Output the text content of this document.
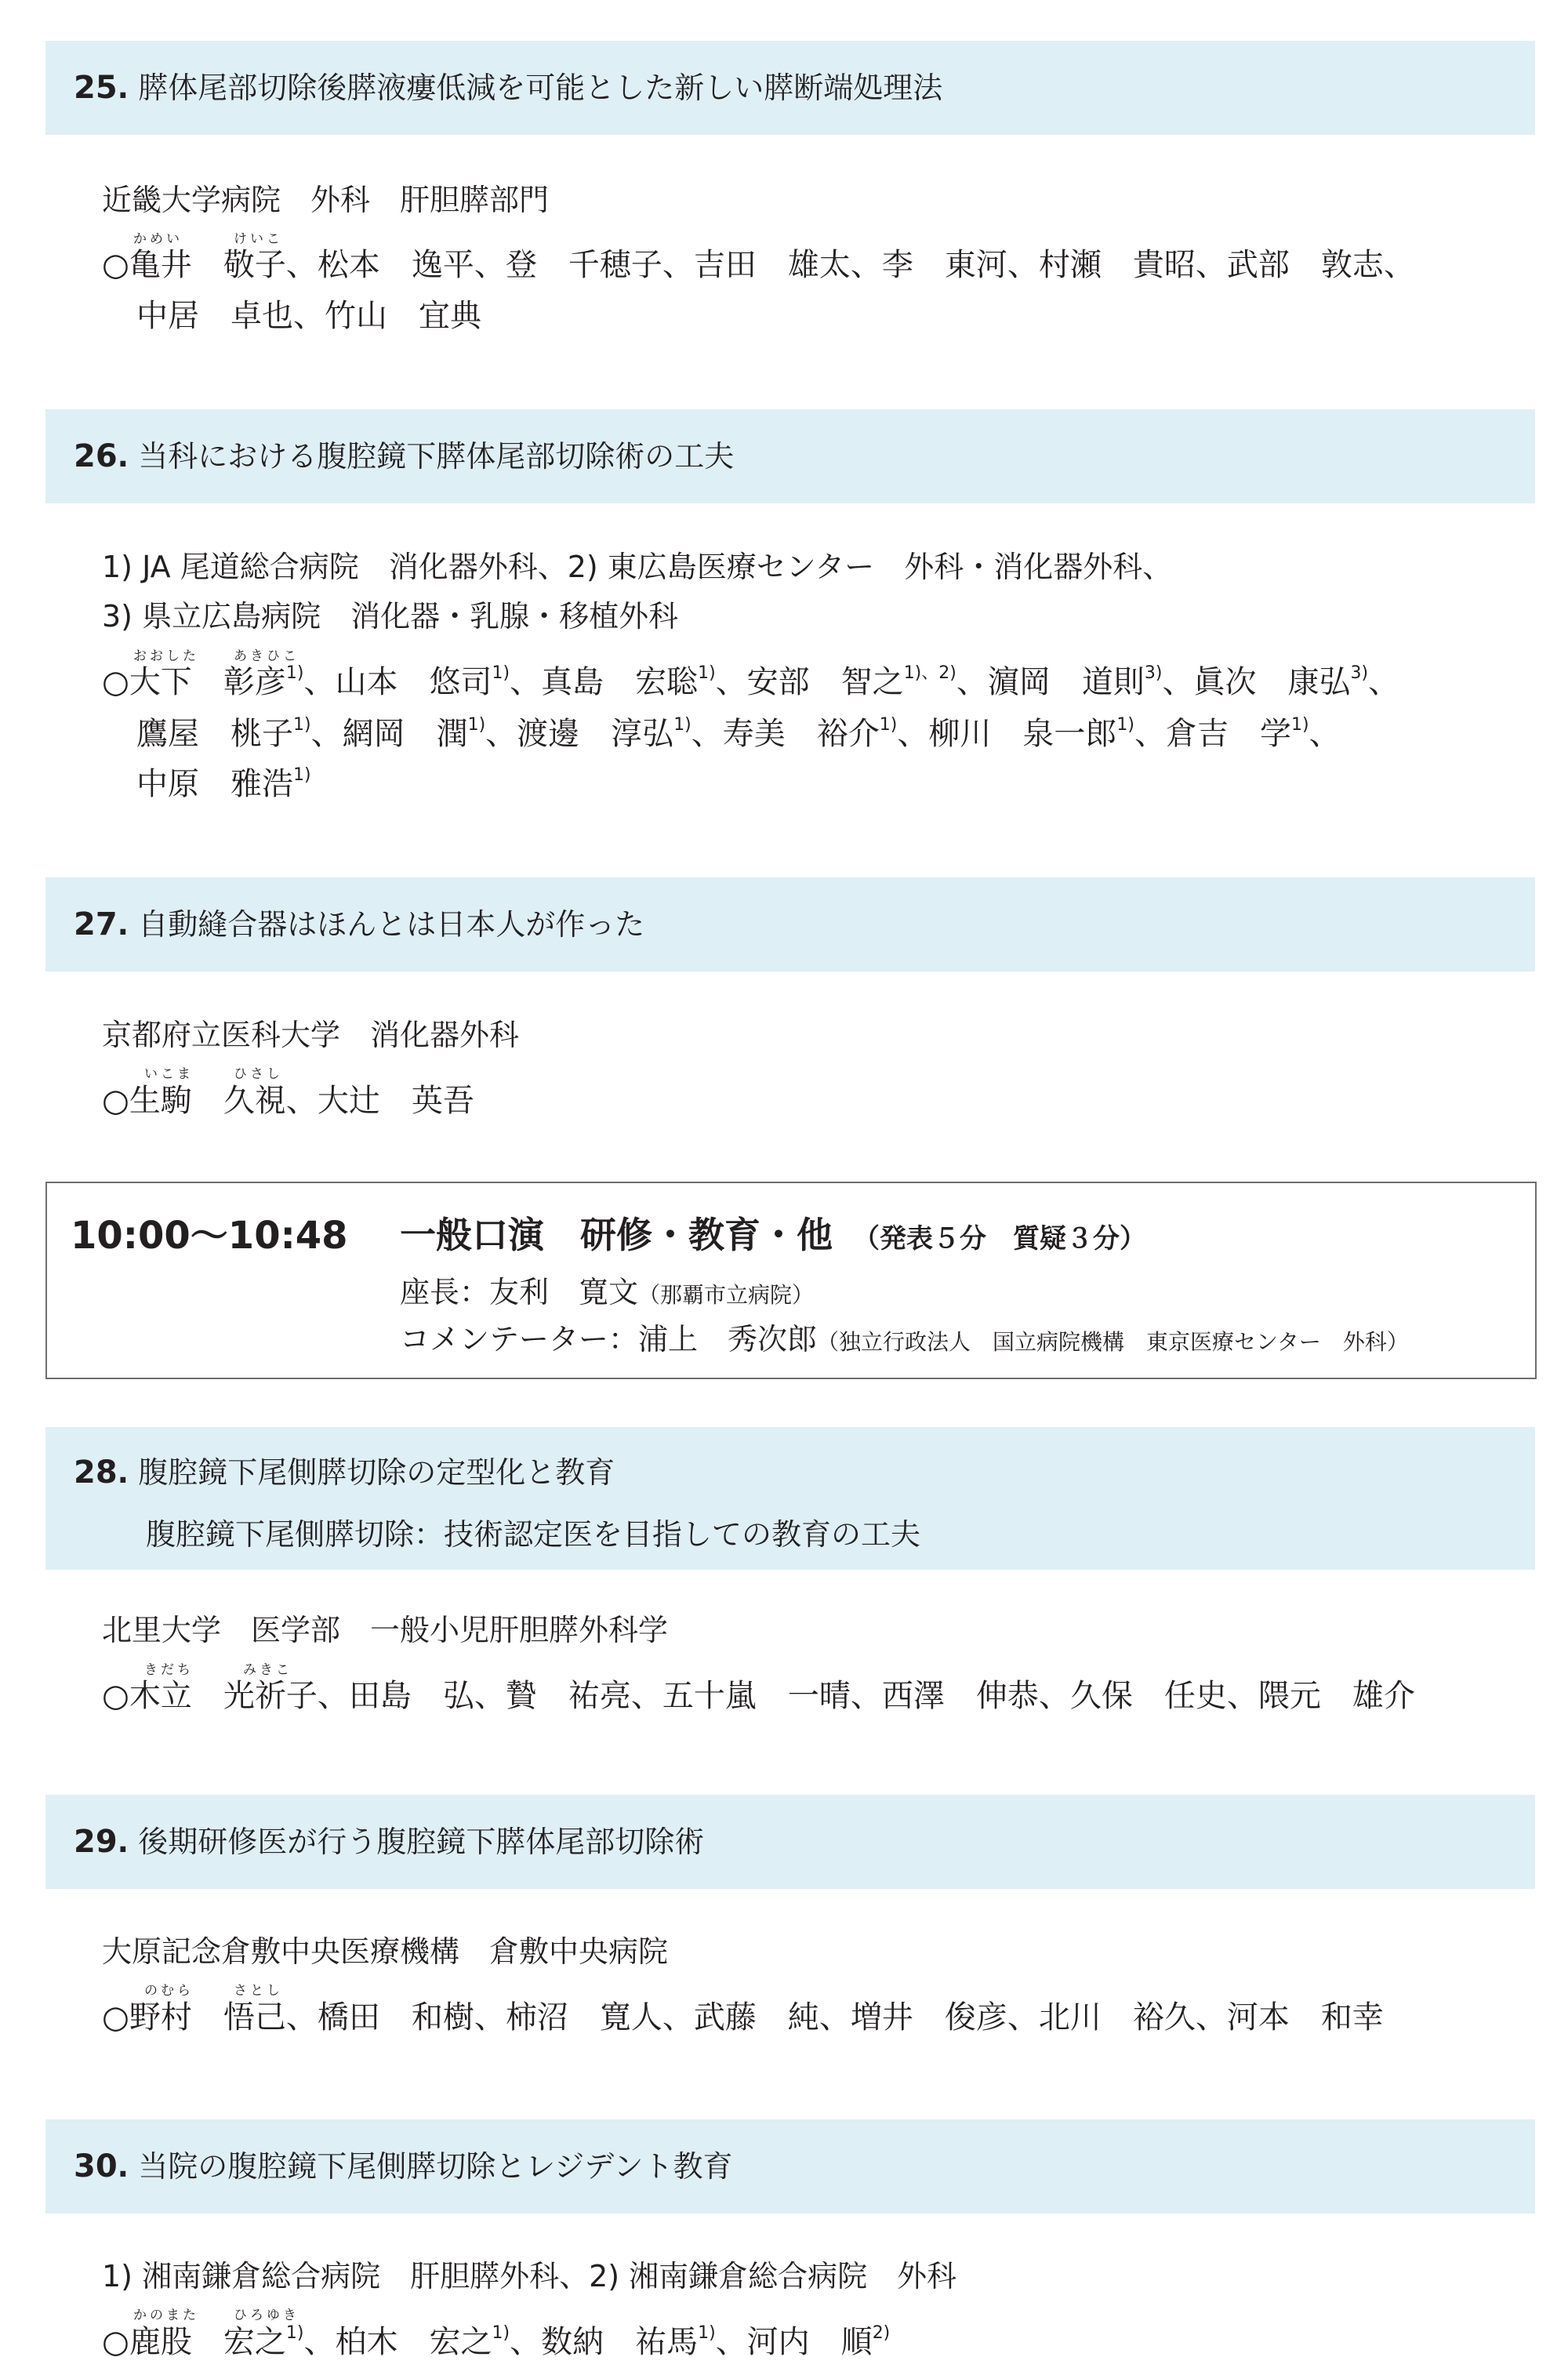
25. 膵体尾部切除後膵液瘻低減を可能とした新しい膵断端処理法
近畿大学病院　外科　肝胆膵部門
かめい	けいこ
○亀井　敬子、松本　逸平、登　千穂子、吉田　雄太、李　東河、村瀬　貴昭、武部　敦志、
中居　卓也、竹山　宜典
26. 当科における腹腔鏡下膵体尾部切除術の工夫
1) JA 尾道総合病院　消化器外科、2) 東広島医療センター　外科・消化器外科、
3) 県立広島病院　消化器・乳腺・移植外科
おおした	あきひこ
○大下　彰彦$^{1)}$、山本　悠司$^{1)}$、真島　宏聡$^{1)}$、安部　智之$^{1)、2)}$、濵岡　道則$^{3)}$、眞次　康弘$^{3)}$、
鷹屋　桃子$^{1)}$、網岡　潤$^{1)}$、渡邊　淳弘$^{1)}$、寿美　裕介$^{1)}$、柳川　泉一郎$^{1)}$、倉吉　学$^{1)}$、
中原　雅浩$^{1)}$
27. 自動縫合器はほんとは日本人が作った
京都府立医科大学　消化器外科
いこま	ひさし
○生駒　久視、大辻　英吾
10:00〜10:48 一般口演　研修・教育・他 （発表５分　質疑３分）
座長：友利　寛文（那覇市立病院）
コメンテーター：浦上　秀次郎（独立行政法人　国立病院機構　東京医療センター　外科）
28. 腹腔鏡下尾側膵切除の定型化と教育
腹腔鏡下尾側膵切除：技術認定医を目指しての教育の工夫
北里大学　医学部　一般小児肝胆膵外科学
きだち	みきこ
○木立　光祈子、田島　弘、贄　祐亮、五十嵐　一晴、西澤　伸恭、久保　任史、隈元　雄介
29. 後期研修医が行う腹腔鏡下膵体尾部切除術
大原記念倉敷中央医療機構　倉敷中央病院
のむら	さとし
○野村　悟己、橋田　和樹、柿沼　寛人、武藤　純、増井　俊彦、北川　裕久、河本　和幸
30. 当院の腹腔鏡下尾側膵切除とレジデント教育
1) 湘南鎌倉総合病院　肝胆膵外科、2) 湘南鎌倉総合病院　外科
かのまた	ひろゆき
○鹿股　宏之$^{1)}$、柏木　宏之$^{1)}$、数納　祐馬$^{1)}$、河内　順$^{2)}$
